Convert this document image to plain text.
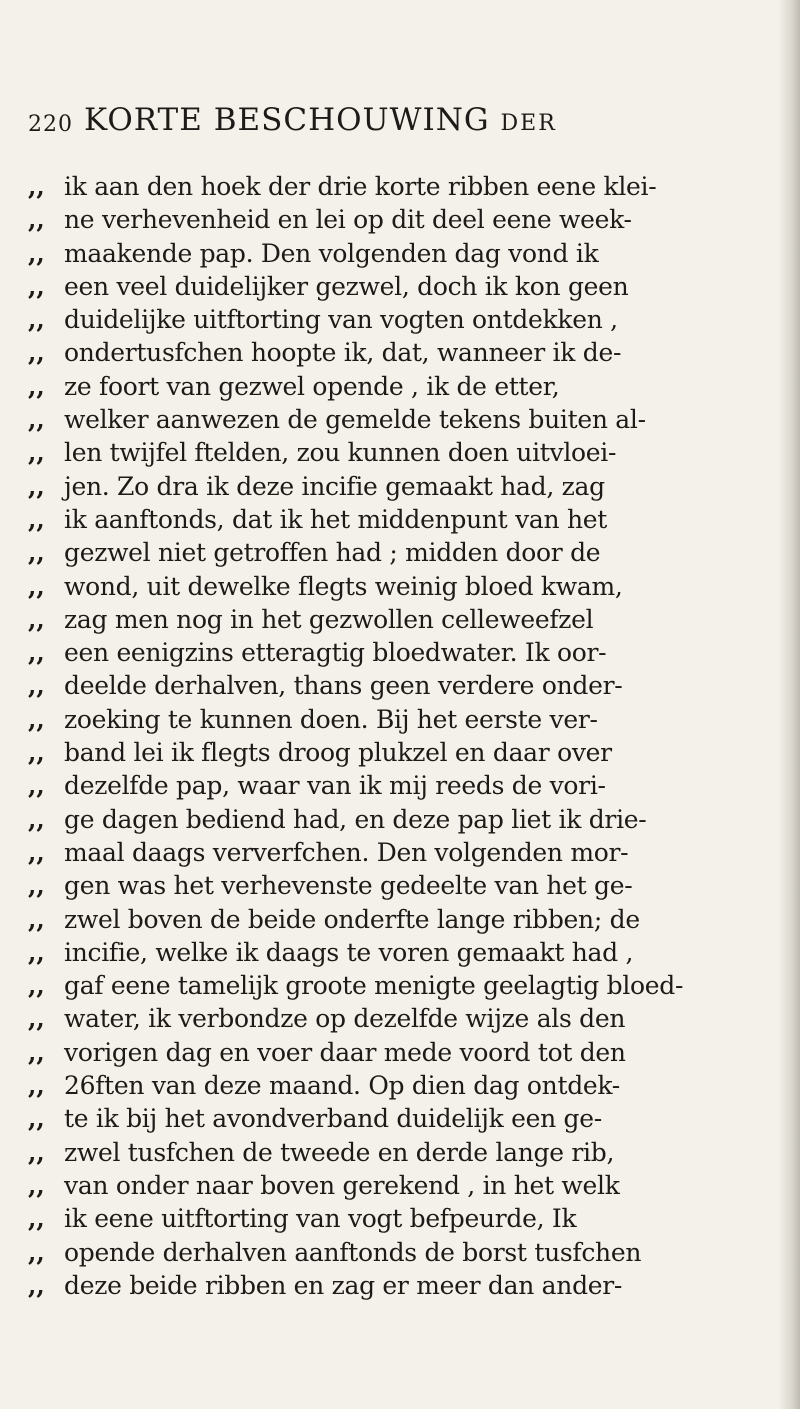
220 KORTE BESCHOUWING DER
,, ik aan den hoek der drie korte ribben eene klei-
,, ne verhevenheid en lei op dit deel eene week-
,, maakende pap. Den volgenden dag vond ik
,, een veel duidelijker gezwel, doch ik kon geen
,, duidelijke uitftorting van vogten ontdekken ,
,, ondertusfchen hoopte ik, dat, wanneer ik de-
,, ze foort van gezwel opende , ik de etter,
,, welker aanwezen de gemelde tekens buiten al-
,, len twijfel ftelden, zou kunnen doen uitvloei-
,, jen. Zo dra ik deze incifie gemaakt had, zag
,, ik aanftonds, dat ik het middenpunt van het
,, gezwel niet getroffen had ; midden door de
,, wond, uit dewelke flegts weinig bloed kwam,
,, zag men nog in het gezwollen celleweefzel
,, een eenigzins etteragtig bloedwater. Ik oor-
,, deelde derhalven, thans geen verdere onder-
,, zoeking te kunnen doen. Bij het eerste ver-
,, band lei ik flegts droog plukzel en daar over
,, dezelfde pap, waar van ik mij reeds de vori-
,, ge dagen bediend had, en deze pap liet ik drie-
,, maal daags ververfchen. Den volgenden mor-
,, gen was het verhevenste gedeelte van het ge-
,, zwel boven de beide onderfte lange ribben; de
,, incifie, welke ik daags te voren gemaakt had ,
,, gaf eene tamelijk groote menigte geelagtig bloed-
,, water, ik verbondze op dezelfde wijze als den
,, vorigen dag en voer daar mede voord tot den
,, 26ften van deze maand. Op dien dag ontdek-
,, te ik bij het avondverband duidelijk een ge-
,, zwel tusfchen de tweede en derde lange rib,
,, van onder naar boven gerekend , in het welk
,, ik eene uitftorting van vogt befpeurde, Ik
,, opende derhalven aanftonds de borst tusfchen
,, deze beide ribben en zag er meer dan ander-
